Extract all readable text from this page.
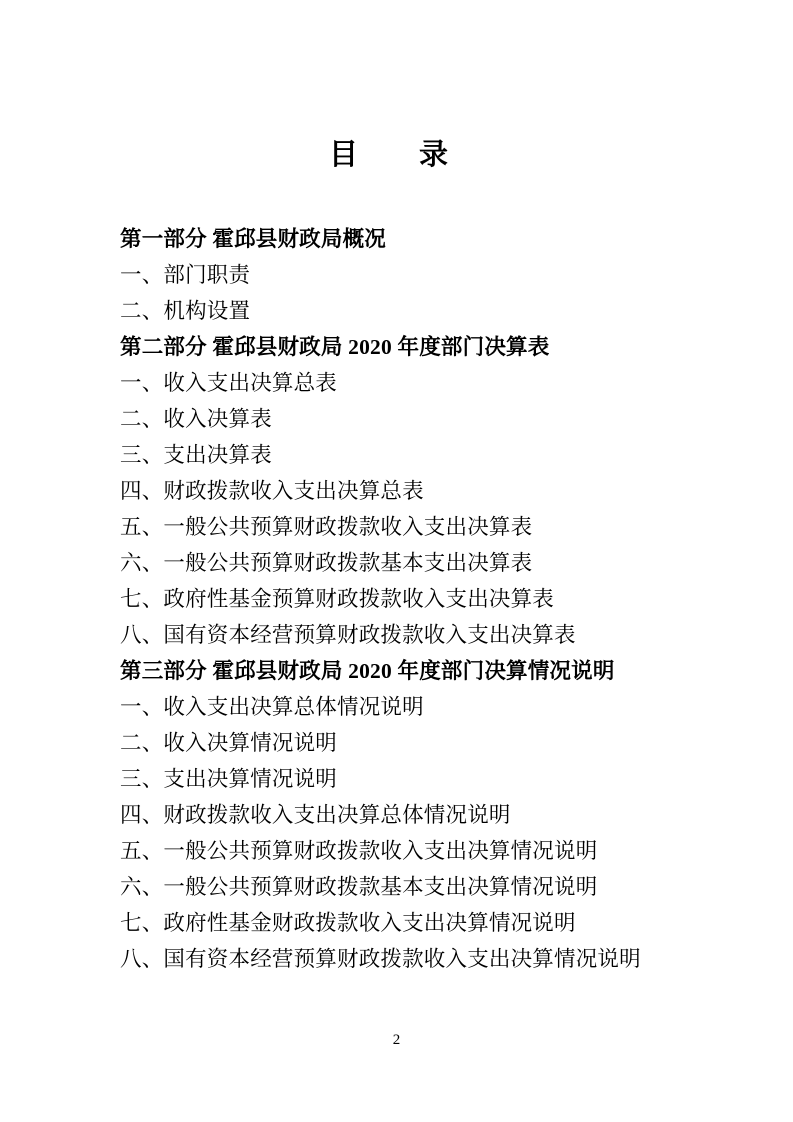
目　录
第一部分 霍邱县财政局概况
一、部门职责
二、机构设置
第二部分 霍邱县财政局 2020 年度部门决算表
一、收入支出决算总表
二、收入决算表
三、支出决算表
四、财政拨款收入支出决算总表
五、一般公共预算财政拨款收入支出决算表
六、一般公共预算财政拨款基本支出决算表
七、政府性基金预算财政拨款收入支出决算表
八、国有资本经营预算财政拨款收入支出决算表
第三部分 霍邱县财政局 2020 年度部门决算情况说明
一、收入支出决算总体情况说明
二、收入决算情况说明
三、支出决算情况说明
四、财政拨款收入支出决算总体情况说明
五、一般公共预算财政拨款收入支出决算情况说明
六、一般公共预算财政拨款基本支出决算情况说明
七、政府性基金财政拨款收入支出决算情况说明
八、国有资本经营预算财政拨款收入支出决算情况说明
2
